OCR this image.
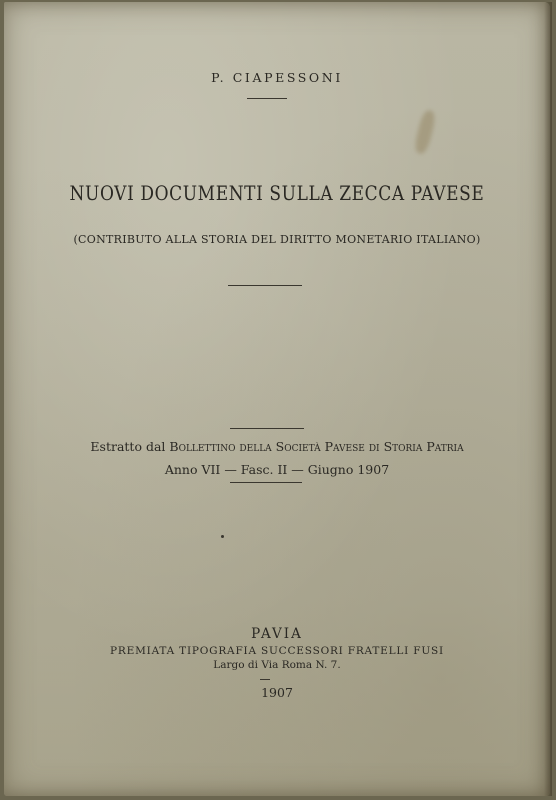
P. CIAPESSONI
NUOVI DOCUMENTI SULLA ZECCA PAVESE
(CONTRIBUTO ALLA STORIA DEL DIRITTO MONETARIO ITALIANO)
Estratto dal Bollettino della Società Pavese di Storia Patria
Anno VII — Fasc. II — Giugno 1907
PAVIA
PREMIATA TIPOGRAFIA SUCCESSORI FRATELLI FUSI
Largo di Via Roma N. 7.
1907
